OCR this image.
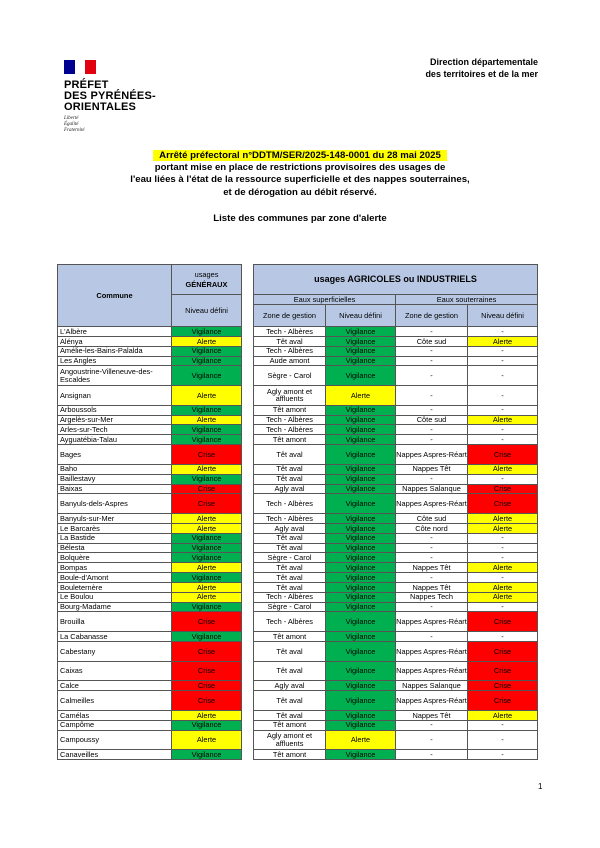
PRÉFET
DES PYRÉNÉES-
ORIENTALES
Liberté
Égalité
Fraternité
Direction départementale
des territoires et de la mer
Arrêté préfectoral n°DDTM/SER/2025-148-0001 du 28 mai 2025
portant mise en place de restrictions provisoires des usages de
l'eau liées à l'état de la ressource superficielle et des nappes souterraines,
et de dérogation au débit réservé.
Liste des communes par zone d'alerte
Commune	usages
GÉNÉRAUX		usages AGRICOLES ou INDUSTRIELS			
	Niveau défini		Eaux superficielles		Eaux souterraines	
			Zone de gestion	Niveau défini	Zone de gestion	Niveau défini
L'Albère	Vigilance		Tech - Albères	Vigilance	-	-
Alénya	Alerte		Têt aval	Vigilance	Côte sud	Alerte
Amélie-les-Bains-Palalda	Vigilance		Tech - Albères	Vigilance	-	-
Les Angles	Vigilance		Aude amont	Vigilance	-	-
Angoustrine-Villeneuve-des-Escaldes	Vigilance		Sègre - Carol	Vigilance	-	-
Ansignan	Alerte		Agly amont et affluents	Alerte	-	-
Arboussols	Vigilance		Têt amont	Vigilance	-	-
Argelès-sur-Mer	Alerte		Tech - Albères	Vigilance	Côte sud	Alerte
Arles-sur-Tech	Vigilance		Tech - Albères	Vigilance	-	-
Ayguatébia-Talau	Vigilance		Têt amont	Vigilance	-	-
Bages	Crise		Têt aval	Vigilance	Nappes Aspres-Réart	Crise
Baho	Alerte		Têt aval	Vigilance	Nappes Têt	Alerte
Baillestavy	Vigilance		Têt aval	Vigilance	-	-
Baixas	Crise		Agly aval	Vigilance	Nappes Salanque	Crise
Banyuls-dels-Aspres	Crise		Tech - Albères	Vigilance	Nappes Aspres-Réart	Crise
Banyuls-sur-Mer	Alerte		Tech - Albères	Vigilance	Côte sud	Alerte
Le Barcarès	Alerte		Agly aval	Vigilance	Côte nord	Alerte
La Bastide	Vigilance		Têt aval	Vigilance	-	-
Bélesta	Vigilance		Têt aval	Vigilance	-	-
Bolquère	Vigilance		Sègre - Carol	Vigilance	-	-
Bompas	Alerte		Têt aval	Vigilance	Nappes Têt	Alerte
Boule-d'Amont	Vigilance		Têt aval	Vigilance	-	-
Bouleternère	Alerte		Têt aval	Vigilance	Nappes Têt	Alerte
Le Boulou	Alerte		Tech - Albères	Vigilance	Nappes Tech	Alerte
Bourg-Madame	Vigilance		Sègre - Carol	Vigilance	-	-
Brouilla	Crise		Tech - Albères	Vigilance	Nappes Aspres-Réart	Crise
La Cabanasse	Vigilance		Têt amont	Vigilance	-	-
Cabestany	Crise		Têt aval	Vigilance	Nappes Aspres-Réart	Crise
Caixas	Crise		Têt aval	Vigilance	Nappes Aspres-Réart	Crise
Calce	Crise		Agly aval	Vigilance	Nappes Salanque	Crise
Calmeilles	Crise		Têt aval	Vigilance	Nappes Aspres-Réart	Crise
Camélas	Alerte		Têt aval	Vigilance	Nappes Têt	Alerte
Campôme	Vigilance		Têt amont	Vigilance	-	-
Campoussy	Alerte		Agly amont et affluents	Alerte	-	-
Canaveilles	Vigilance		Têt amont	Vigilance	-	-
1
